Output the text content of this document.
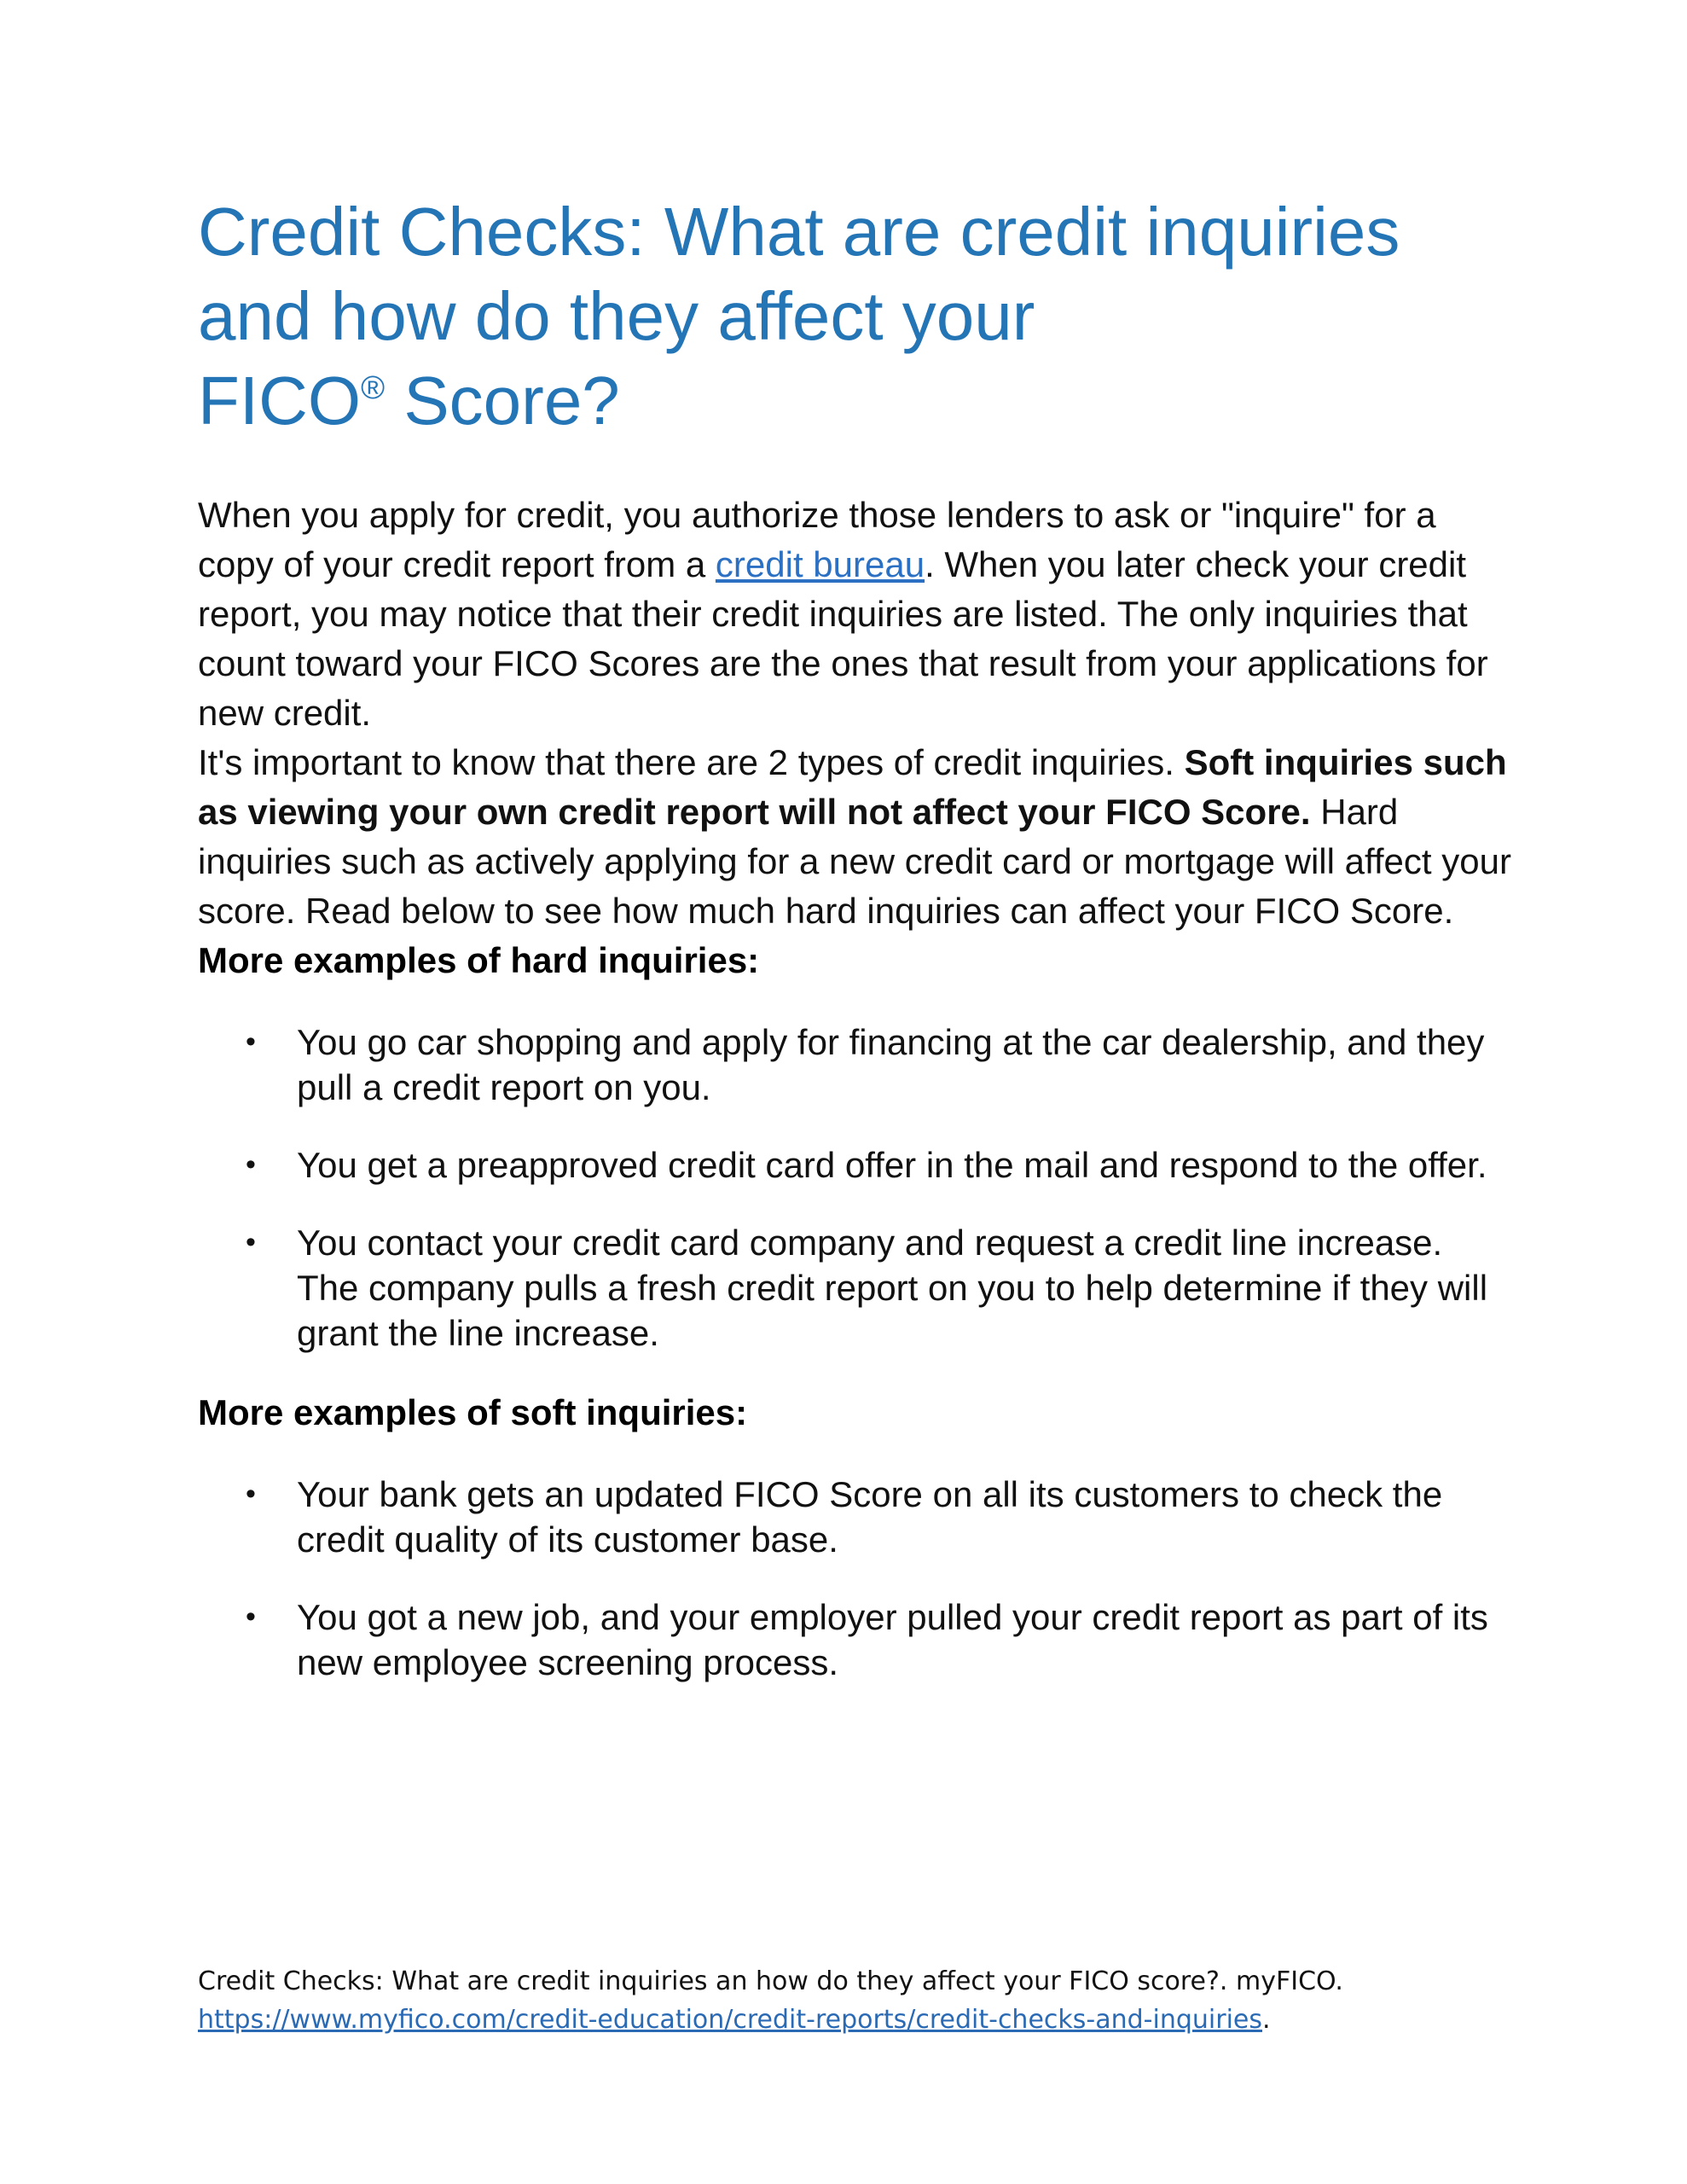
Credit Checks: What are credit inquiries
and how do they affect your
FICO® Score?

When you apply for credit, you authorize those lenders to ask or "inquire" for a copy of your credit report from a credit bureau. When you later check your credit report, you may notice that their credit inquiries are listed. The only inquiries that count toward your FICO Scores are the ones that result from your applications for new credit.

It's important to know that there are 2 types of credit inquiries. Soft inquiries such as viewing your own credit report will not affect your FICO Score. Hard inquiries such as actively applying for a new credit card or mortgage will affect your score. Read below to see how much hard inquiries can affect your FICO Score.

More examples of hard inquiries:
• You go car shopping and apply for financing at the car dealership, and they pull a credit report on you.
• You get a preapproved credit card offer in the mail and respond to the offer.
• You contact your credit card company and request a credit line increase. The company pulls a fresh credit report on you to help determine if they will grant the line increase.
More examples of soft inquiries:
• Your bank gets an updated FICO Score on all its customers to check the credit quality of its customer base.
• You got a new job, and your employer pulled your credit report as part of its new employee screening process.
Credit Checks: What are credit inquiries an how do they affect your FICO score?. myFICO.
https://www.myfico.com/credit-education/credit-reports/credit-checks-and-inquiries.
